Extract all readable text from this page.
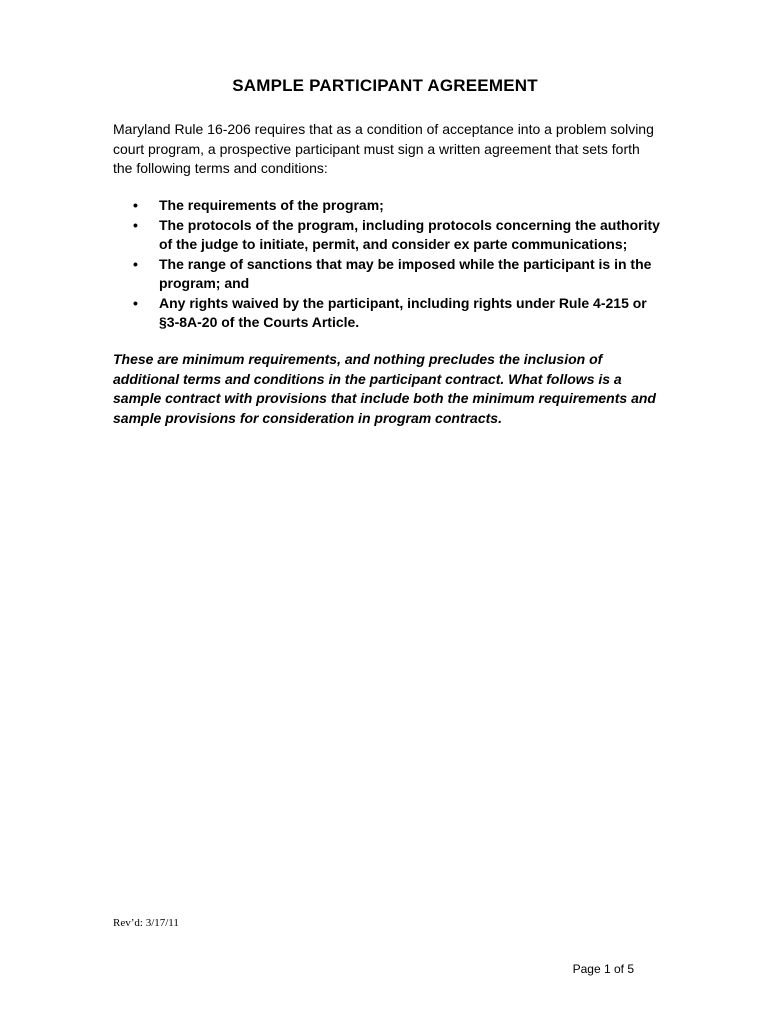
SAMPLE PARTICIPANT AGREEMENT
Maryland Rule 16-206 requires that as a condition of acceptance into a problem solving court program, a prospective participant must sign a written agreement that sets forth the following terms and conditions:
• The requirements of the program;
• The protocols of the program, including protocols concerning the authority of the judge to initiate, permit, and consider ex parte communications;
• The range of sanctions that may be imposed while the participant is in the program; and
• Any rights waived by the participant, including rights under Rule 4-215 or §3-8A-20 of the Courts Article.
These are minimum requirements, and nothing precludes the inclusion of additional terms and conditions in the participant contract. What follows is a sample contract with provisions that include both the minimum requirements and sample provisions for consideration in program contracts.
Rev’d: 3/17/11
Page 1 of 5
